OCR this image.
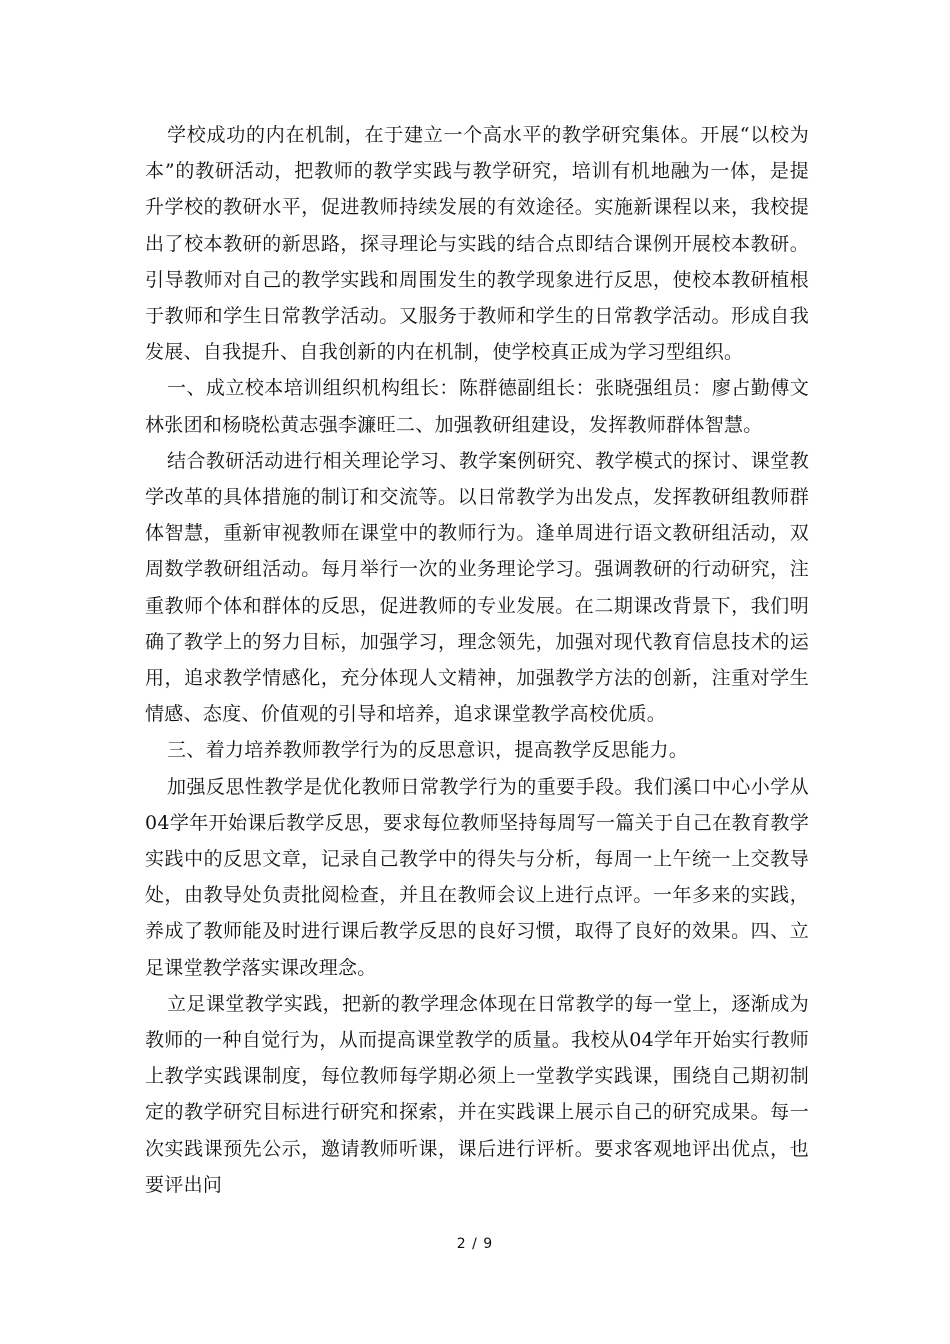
学校成功的内在机制，在于建立一个高水平的教学研究集体。开展“以校为本”的教研活动，把教师的教学实践与教学研究，培训有机地融为一体，是提升学校的教研水平，促进教师持续发展的有效途径。实施新课程以来，我校提出了校本教研的新思路，探寻理论与实践的结合点即结合课例开展校本教研。引导教师对自己的教学实践和周围发生的教学现象进行反思，使校本教研植根于教师和学生日常教学活动。又服务于教师和学生的日常教学活动。形成自我发展、自我提升、自我创新的内在机制，使学校真正成为学习型组织。

一、成立校本培训组织机构组长：陈群德副组长：张晓强组员：廖占勤傅文林张团和杨晓松黄志强李濂旺二、加强教研组建设，发挥教师群体智慧。

结合教研活动进行相关理论学习、教学案例研究、教学模式的探讨、课堂教学改革的具体措施的制订和交流等。以日常教学为出发点，发挥教研组教师群体智慧，重新审视教师在课堂中的教师行为。逢单周进行语文教研组活动，双周数学教研组活动。每月举行一次的业务理论学习。强调教研的行动研究，注重教师个体和群体的反思，促进教师的专业发展。在二期课改背景下，我们明确了教学上的努力目标，加强学习，理念领先，加强对现代教育信息技术的运用，追求教学情感化，充分体现人文精神，加强教学方法的创新，注重对学生情感、态度、价值观的引导和培养，追求课堂教学高校优质。

三、着力培养教师教学行为的反思意识，提高教学反思能力。

加强反思性教学是优化教师日常教学行为的重要手段。我们溪口中心小学从04学年开始课后教学反思，要求每位教师坚持每周写一篇关于自己在教育教学实践中的反思文章，记录自己教学中的得失与分析，每周一上午统一上交教导处，由教导处负责批阅检查，并且在教师会议上进行点评。一年多来的实践，养成了教师能及时进行课后教学反思的良好习惯，取得了良好的效果。四、立足课堂教学落实课改理念。

立足课堂教学实践，把新的教学理念体现在日常教学的每一堂上，逐渐成为教师的一种自觉行为，从而提高课堂教学的质量。我校从04学年开始实行教师上教学实践课制度，每位教师每学期必须上一堂教学实践课，围绕自己期初制定的教学研究目标进行研究和探索，并在实践课上展示自己的研究成果。每一次实践课预先公示，邀请教师听课，课后进行评析。要求客观地评出优点，也要评出问

2 / 9
